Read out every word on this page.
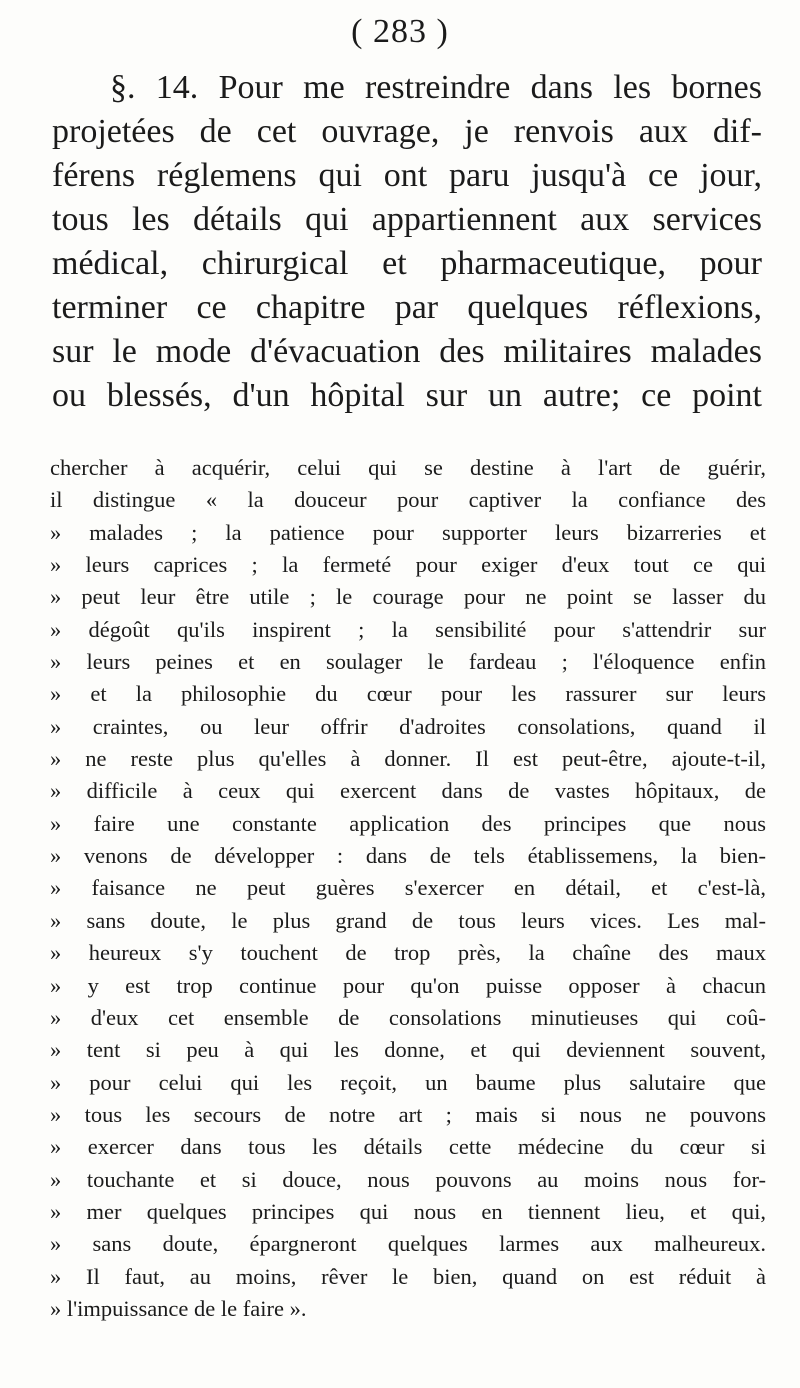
( 283 )
§. 14. Pour me restreindre dans les bornes
projetées de cet ouvrage, je renvois aux dif-
férens réglemens qui ont paru jusqu'à ce jour,
tous les détails qui appartiennent aux services
médical, chirurgical et pharmaceutique, pour
terminer ce chapitre par quelques réflexions,
sur le mode d'évacuation des militaires malades
ou blessés, d'un hôpital sur un autre; ce point
chercher à acquérir, celui qui se destine à l'art de guérir,
il distingue « la douceur pour captiver la confiance des
» malades ; la patience pour supporter leurs bizarreries et
» leurs caprices ; la fermeté pour exiger d'eux tout ce qui
» peut leur être utile ; le courage pour ne point se lasser du
» dégoût qu'ils inspirent ; la sensibilité pour s'attendrir sur
» leurs peines et en soulager le fardeau ; l'éloquence enfin
» et la philosophie du cœur pour les rassurer sur leurs
» craintes, ou leur offrir d'adroites consolations, quand il
» ne reste plus qu'elles à donner. Il est peut-être, ajoute-t-il,
» difficile à ceux qui exercent dans de vastes hôpitaux, de
» faire une constante application des principes que nous
» venons de développer : dans de tels établissemens, la bien-
» faisance ne peut guères s'exercer en détail, et c'est-là,
» sans doute, le plus grand de tous leurs vices. Les mal-
» heureux s'y touchent de trop près, la chaîne des maux
» y est trop continue pour qu'on puisse opposer à chacun
» d'eux cet ensemble de consolations minutieuses qui coû-
» tent si peu à qui les donne, et qui deviennent souvent,
» pour celui qui les reçoit, un baume plus salutaire que
» tous les secours de notre art ; mais si nous ne pouvons
» exercer dans tous les détails cette médecine du cœur si
» touchante et si douce, nous pouvons au moins nous for-
» mer quelques principes qui nous en tiennent lieu, et qui,
» sans doute, épargneront quelques larmes aux malheureux.
» Il faut, au moins, rêver le bien, quand on est réduit à
» l'impuissance de le faire ».
